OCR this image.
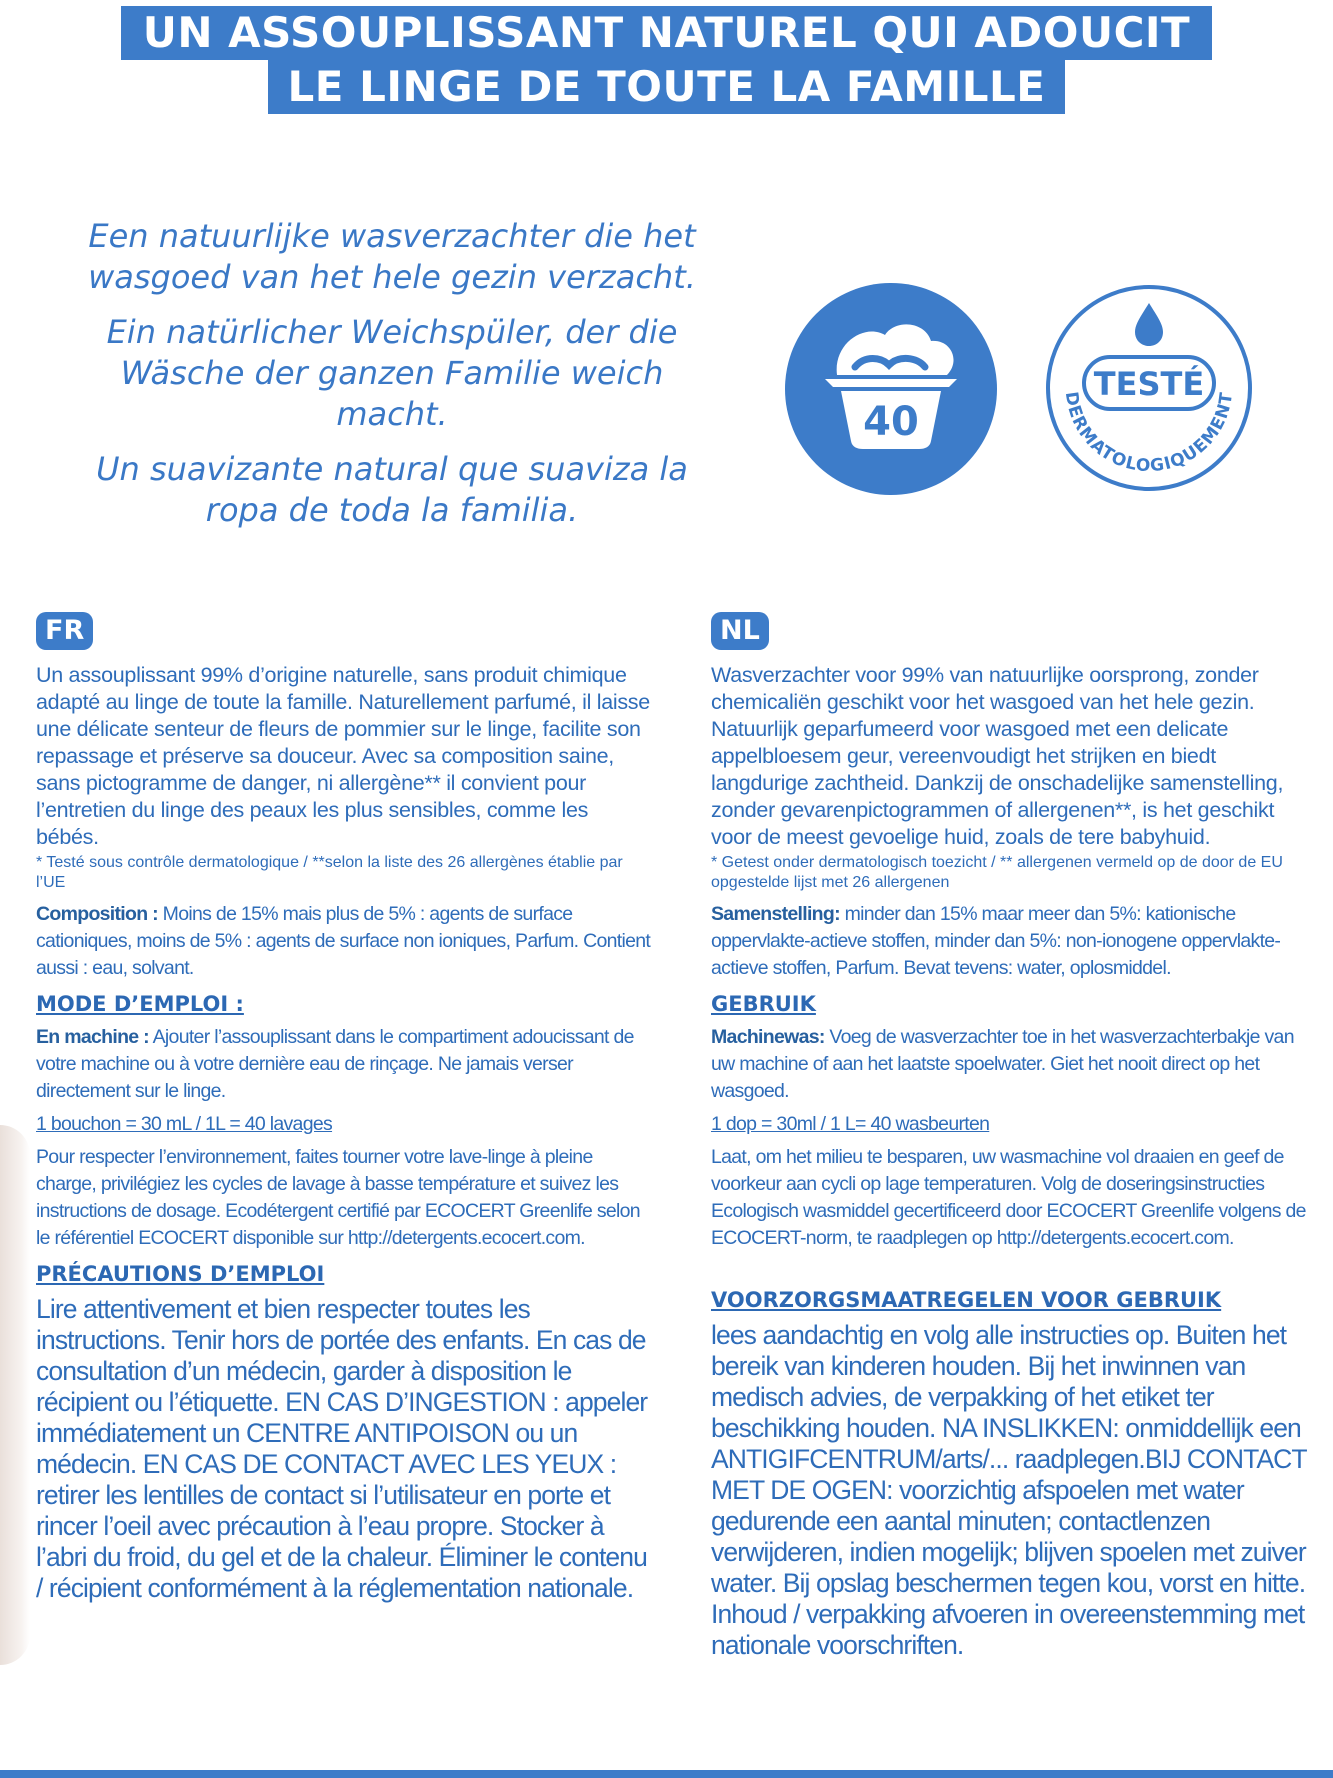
UN ASSOUPLISSANT NATUREL QUI ADOUCIT
LE LINGE DE TOUTE LA FAMILLE

Een natuurlijke wasverzachter die het wasgoed van het hele gezin verzacht.

Ein natürlicher Weichspüler, der die Wäsche der ganzen Familie weich macht.

Un suavizante natural que suaviza la ropa de toda la familia.

40
TESTÉ
DERMATOLOGIQUEMENT
FR

Un assouplissant 99% d’origine naturelle, sans produit chimique adapté au linge de toute la famille. Naturellement parfumé, il laisse une délicate senteur de fleurs de pommier sur le linge, facilite son repassage et préserve sa douceur. Avec sa composition saine, sans pictogramme de danger, ni allergène** il convient pour l’entretien du linge des peaux les plus sensibles, comme les bébés.

* Testé sous contrôle dermatologique / **selon la liste des 26 allergènes établie par l’UE

Composition : Moins de 15% mais plus de 5% : agents de surface cationiques, moins de 5% : agents de surface non ioniques, Parfum. Contient aussi : eau, solvant.

MODE D’EMPLOI :

En machine : Ajouter l’assouplissant dans le compartiment adoucissant de votre machine ou à votre dernière eau de rinçage. Ne jamais verser directement sur le linge.

1 bouchon = 30 mL / 1L = 40 lavages

Pour respecter l’environnement, faites tourner votre lave-linge à pleine charge, privilégiez les cycles de lavage à basse température et suivez les instructions de dosage. Ecodétergent certifié par ECOCERT Greenlife selon le référentiel ECOCERT disponible sur http://detergents.ecocert.com.

PRÉCAUTIONS D’EMPLOI

Lire attentivement et bien respecter toutes les instructions. Tenir hors de portée des enfants. En cas de consultation d’un médecin, garder à disposition le récipient ou l’étiquette. EN CAS D’INGESTION : appeler immédiatement un CENTRE ANTIPOISON ou un médecin. EN CAS DE CONTACT AVEC LES YEUX : retirer les lentilles de contact si l’utilisateur en porte et rincer l’oeil avec précaution à l’eau propre. Stocker à l’abri du froid, du gel et de la chaleur. Éliminer le contenu / récipient conformément à la réglementation nationale.

NL

Wasverzachter voor 99% van natuurlijke oorsprong, zonder chemicaliën geschikt voor het wasgoed van het hele gezin. Natuurlijk geparfumeerd voor wasgoed met een delicate appelbloesem geur, vereenvoudigt het strijken en biedt langdurige zachtheid. Dankzij de onschadelijke samenstelling, zonder gevarenpictogrammen of allergenen**, is het geschikt voor de meest gevoelige huid, zoals de tere babyhuid.

* Getest onder dermatologisch toezicht / ** allergenen vermeld op de door de EU opgestelde lijst met 26 allergenen

Samenstelling: minder dan 15% maar meer dan 5%: kationische oppervlakte-actieve stoffen, minder dan 5%: non-ionogene oppervlakte-actieve stoffen, Parfum. Bevat tevens: water, oplosmiddel.

GEBRUIK

Machinewas: Voeg de wasverzachter toe in het wasverzachterbakje van uw machine of aan het laatste spoelwater. Giet het nooit direct op het wasgoed.

1 dop = 30ml / 1 L= 40 wasbeurten

Laat, om het milieu te besparen, uw wasmachine vol draaien en geef de voorkeur aan cycli op lage temperaturen. Volg de doseringsinstructies Ecologisch wasmiddel gecertificeerd door ECOCERT Greenlife volgens de ECOCERT-norm, te raadplegen op http://detergents.ecocert.com.

VOORZORGSMAATREGELEN VOOR GEBRUIK

lees aandachtig en volg alle instructies op. Buiten het bereik van kinderen houden. Bij het inwinnen van medisch advies, de verpakking of het etiket ter beschikking houden. NA INSLIKKEN: onmiddellijk een ANTIGIFCENTRUM/arts/... raadplegen.BIJ CONTACT MET DE OGEN: voorzichtig afspoelen met water gedurende een aantal minuten; contactlenzen verwijderen, indien mogelijk; blijven spoelen met zuiver water. Bij opslag beschermen tegen kou, vorst en hitte. Inhoud / verpakking afvoeren in overeenstemming met nationale voorschriften.
